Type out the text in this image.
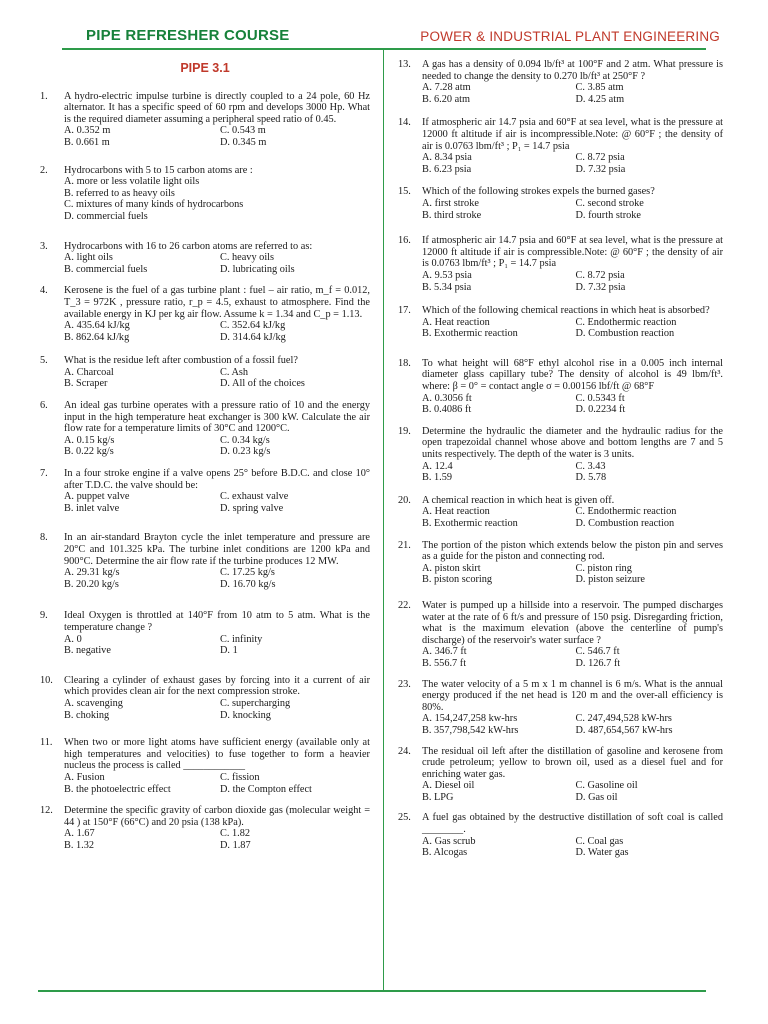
PIPE REFRESHER COURSE	POWER & INDUSTRIAL PLANT ENGINEERING
PIPE 3.1
1. A hydro-electric impulse turbine is directly coupled to a 24 pole, 60 Hz alternator. It has a specific speed of 60 rpm and develops 3000 Hp. What is the required diameter assuming a peripheral speed ratio of 0.45.
A. 0.352 m	C. 0.543 m
B. 0.661 m	D. 0.345 m
2. Hydrocarbons with 5 to 15 carbon atoms are :
A. more or less volatile light oils
B. referred to as heavy oils
C. mixtures of many kinds of hydrocarbons
D. commercial fuels
3. Hydrocarbons with 16 to 26 carbon atoms are referred to as:
A. light oils	C. heavy oils
B. commercial fuels	D. lubricating oils
4. Kerosene is the fuel of a gas turbine plant : fuel – air ratio, m_f = 0.012, T_3 = 972K , pressure ratio, r_p = 4.5, exhaust to atmosphere. Find the available energy in KJ per kg air flow. Assume k = 1.34 and C_p = 1.13.
A. 435.64 kJ/kg	C. 352.64 kJ/kg
B. 862.64 kJ/kg	D. 314.64 kJ/kg
5. What is the residue left after combustion of a fossil fuel?
A. Charcoal	C. Ash
B. Scraper	D. All of the choices
6. An ideal gas turbine operates with a pressure ratio of 10 and the energy input in the high temperature heat exchanger is 300 kW. Calculate the air flow rate for a temperature limits of 30°C and 1200°C.
A. 0.15 kg/s	C. 0.34 kg/s
B. 0.22 kg/s	D. 0.23 kg/s
7. In a four stroke engine if a valve opens 25° before B.D.C. and close 10° after T.D.C. the valve should be:
A. puppet valve	C. exhaust valve
B. inlet valve	D. spring valve
8. In an air-standard Brayton cycle the inlet temperature and pressure are 20°C and 101.325 kPa. The turbine inlet conditions are 1200 kPa and 900°C. Determine the air flow rate if the turbine produces 12 MW.
A. 29.31 kg/s	C. 17.25 kg/s
B. 20.20 kg/s	D. 16.70 kg/s
9. Ideal Oxygen is throttled at 140°F from 10 atm to 5 atm. What is the temperature change ?
A. 0	C. infinity
B. negative	D. 1
10. Clearing a cylinder of exhaust gases by forcing into it a current of air which provides clean air for the next compression stroke.
A. scavenging	C. supercharging
B. choking	D. knocking
11. When two or more light atoms have sufficient energy (available only at high temperatures and velocities) to fuse together to form a heavier nucleus the process is called ____________
A. Fusion	C. fission
B. the photoelectric effect	D. the Compton effect
12. Determine the specific gravity of carbon dioxide gas (molecular weight = 44 ) at 150°F (66°C) and 20 psia (138 kPa).
A. 1.67	C. 1.82
B. 1.32	D. 1.87
13. A gas has a density of 0.094 lb/ft³ at 100°F and 2 atm. What pressure is needed to change the density to 0.270 lb/ft³ at 250°F ?
A. 7.28 atm	C. 3.85 atm
B. 6.20 atm	D. 4.25 atm
14. If atmospheric air 14.7 psia and 60°F at sea level, what is the pressure at 12000 ft altitude if air is incompressible.Note: @ 60°F ; the density of air is 0.0763 lbm/ft³ ; P₁ = 14.7 psia
A. 8.34 psia	C. 8.72 psia
B. 6.23 psia	D. 7.32 psia
15. Which of the following strokes expels the burned gases?
A. first stroke	C. second stroke
B. third stroke	D. fourth stroke
16. If atmospheric air 14.7 psia and 60°F at sea level, what is the pressure at 12000 ft altitude if air is compressible.Note: @ 60°F ; the density of air is 0.0763 lbm/ft³ ; P₁ = 14.7 psia
A. 9.53 psia	C. 8.72 psia
B. 5.34 psia	D. 7.32 psia
17. Which of the following chemical reactions in which heat is absorbed?
A. Heat reaction	C. Endothermic reaction
B. Exothermic reaction	D. Combustion reaction
18. To what height will 68°F ethyl alcohol rise in a 0.005 inch internal diameter glass capillary tube? The density of alcohol is 49 lbm/ft³. where: β = 0° = contact angle σ = 0.00156 lbf/ft @ 68°F
A. 0.3056 ft	C. 0.5343 ft
B. 0.4086 ft	D. 0.2234 ft
19. Determine the hydraulic the diameter and the hydraulic radius for the open trapezoidal channel whose above and bottom lengths are 7 and 5 units respectively. The depth of the water is 3 units.
A. 12.4	C. 3.43
B. 1.59	D. 5.78
20. A chemical reaction in which heat is given off.
A. Heat reaction	C. Endothermic reaction
B. Exothermic reaction	D. Combustion reaction
21. The portion of the piston which extends below the piston pin and serves as a guide for the piston and connecting rod.
A. piston skirt	C. piston ring
B. piston scoring	D. piston seizure
22. Water is pumped up a hillside into a reservoir. The pumped discharges water at the rate of 6 ft/s and pressure of 150 psig. Disregarding friction, what is the maximum elevation (above the centerline of pump's discharge) of the reservoir's water surface ?
A. 346.7 ft	C. 546.7 ft
B. 556.7 ft	D. 126.7 ft
23. The water velocity of a 5 m x 1 m channel is 6 m/s. What is the annual energy produced if the net head is 120 m and the over-all efficiency is 80%.
A. 154,247,258 kw-hrs	C. 247,494,528 kW-hrs
B. 357,798,542 kW-hrs	D. 487,654,567 kW-hrs
24. The residual oil left after the distillation of gasoline and kerosene from crude petroleum; yellow to brown oil, used as a diesel fuel and for enriching water gas.
A. Diesel oil	C. Gasoline oil
B. LPG	D. Gas oil
25. A fuel gas obtained by the destructive distillation of soft coal is called ________.
A. Gas scrub	C. Coal gas
B. Alcogas	D. Water gas
